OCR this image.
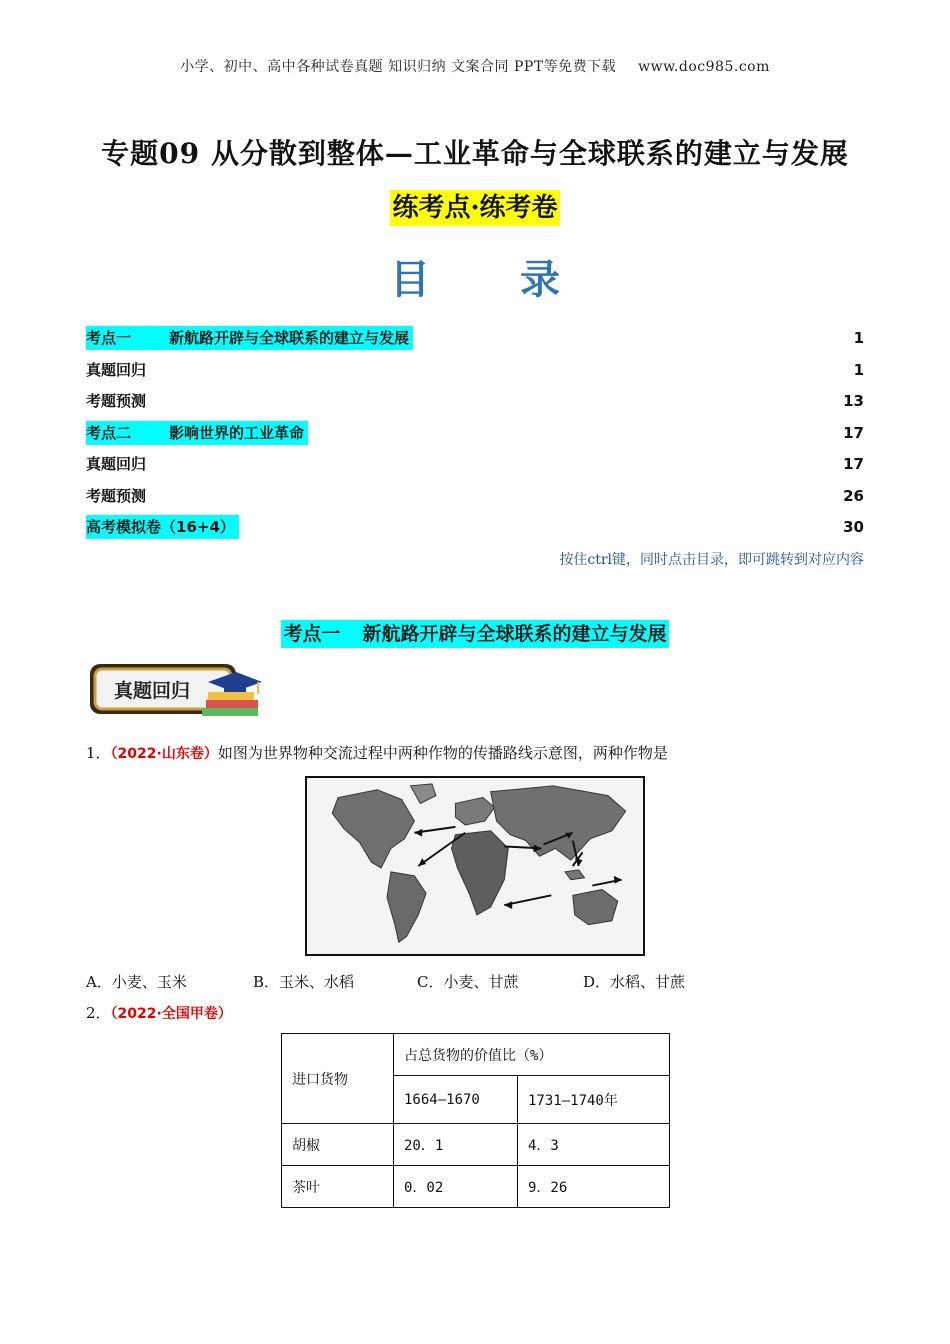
小学、初中、高中各种试卷真题 知识归纳 文案合同 PPT等免费下载 www.doc985.com
专题09 从分散到整体—工业革命与全球联系的建立与发展
练考点·练考卷
目 录
考点一	新航路开辟与全球联系的建立与发展	1
真题回归	1
考题预测	13
考点二	影响世界的工业革命	17
真题回归	17
考题预测	26
高考模拟卷（16+4）	30
按住ctrl键，同时点击目录，即可跳转到对应内容
考点一 新航路开辟与全球联系的建立与发展
真题回归
1．（2022·山东卷）如图为世界物种交流过程中两种作物的传播路线示意图，两种作物是
A．小麦、玉米	B．玉米、水稻	C．小麦、甘蔗	D．水稻、甘蔗
2．（2022·全国甲卷）
进口货物	占总货物的价值比（%）	
	1664—1670	1731—1740年
胡椒	20．1	4．3
茶叶	0．02	9．26
